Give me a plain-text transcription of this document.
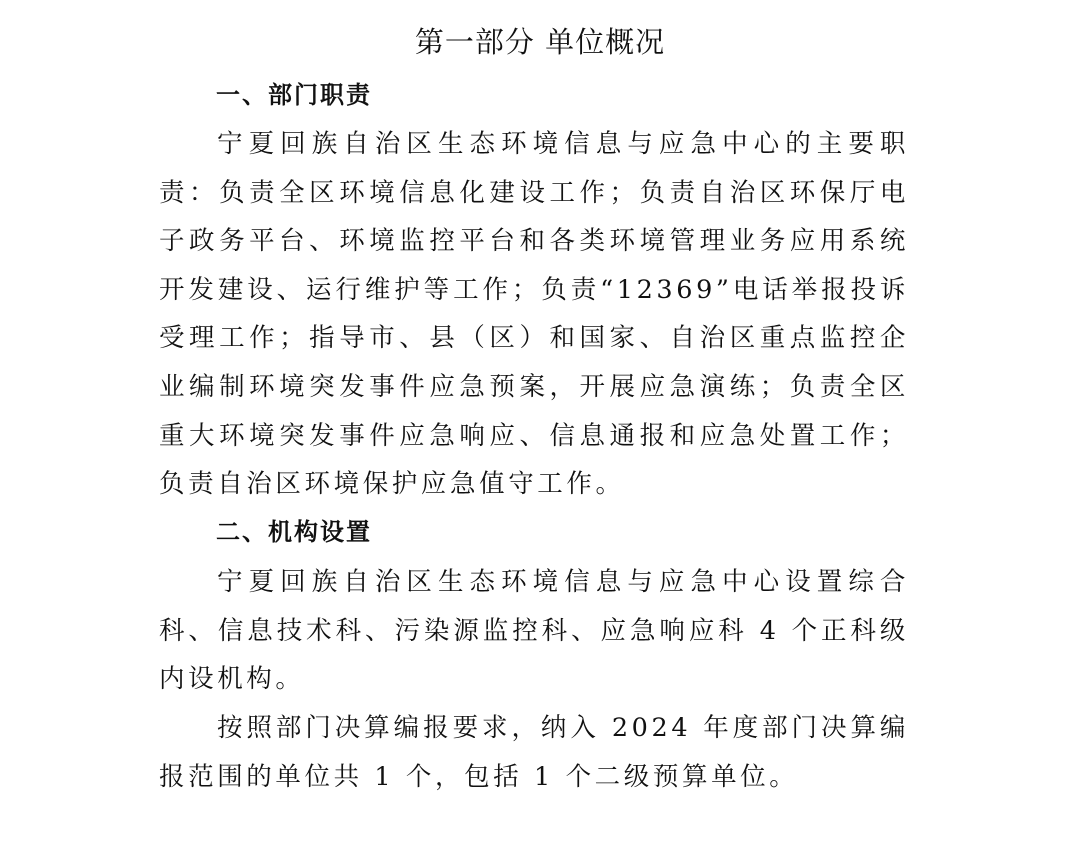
第一部分 单位概况
一、部门职责

宁夏回族自治区生态环境信息与应急中心的主要职责：负责全区环境信息化建设工作；负责自治区环保厅电子政务平台、环境监控平台和各类环境管理业务应用系统开发建设、运行维护等工作；负责“12369”电话举报投诉受理工作；指导市、县（区）和国家、自治区重点监控企业编制环境突发事件应急预案，开展应急演练；负责全区重大环境突发事件应急响应、信息通报和应急处置工作；负责自治区环境保护应急值守工作。

二、机构设置

宁夏回族自治区生态环境信息与应急中心设置综合科、信息技术科、污染源监控科、应急响应科 4 个正科级内设机构。

按照部门决算编报要求，纳入 2024 年度部门决算编报范围的单位共 1 个，包括 1 个二级预算单位。
